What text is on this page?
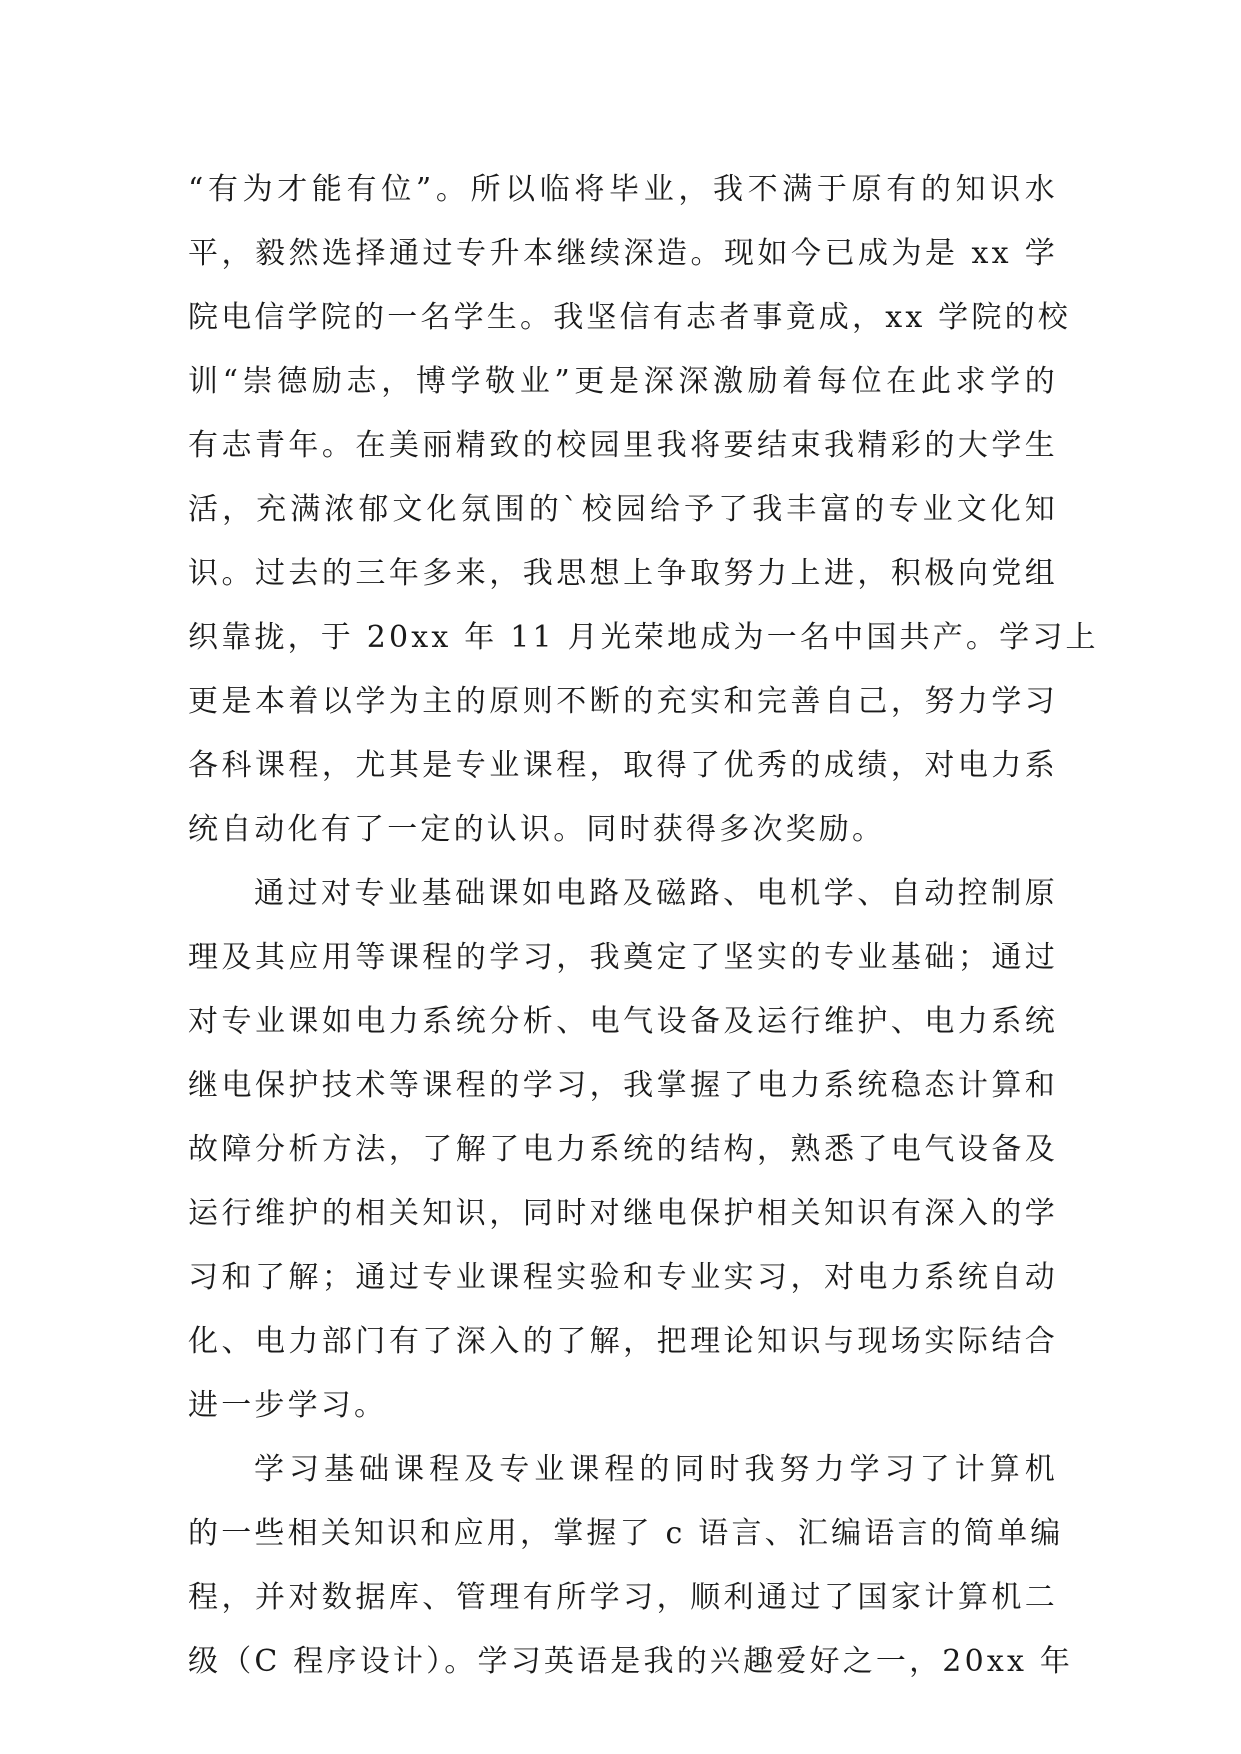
“有为才能有位”。所以临将毕业，我不满于原有的知识水
平，毅然选择通过专升本继续深造。现如今已成为是 xx 学
院电信学院的一名学生。我坚信有志者事竟成，xx 学院的校
训“崇德励志，博学敬业”更是深深激励着每位在此求学的
有志青年。在美丽精致的校园里我将要结束我精彩的大学生
活，充满浓郁文化氛围的`校园给予了我丰富的专业文化知
识。过去的三年多来，我思想上争取努力上进，积极向党组
织靠拢，于 20xx 年 11 月光荣地成为一名中国共产。学习上
更是本着以学为主的原则不断的充实和完善自己，努力学习
各科课程，尤其是专业课程，取得了优秀的成绩，对电力系
统自动化有了一定的认识。同时获得多次奖励。
通过对专业基础课如电路及磁路、电机学、自动控制原
理及其应用等课程的学习，我奠定了坚实的专业基础；通过
对专业课如电力系统分析、电气设备及运行维护、电力系统
继电保护技术等课程的学习，我掌握了电力系统稳态计算和
故障分析方法，了解了电力系统的结构，熟悉了电气设备及
运行维护的相关知识，同时对继电保护相关知识有深入的学
习和了解；通过专业课程实验和专业实习，对电力系统自动
化、电力部门有了深入的了解，把理论知识与现场实际结合
进一步学习。
学习基础课程及专业课程的同时我努力学习了计算机
的一些相关知识和应用，掌握了 c 语言、汇编语言的简单编
程，并对数据库、管理有所学习，顺利通过了国家计算机二
级（C 程序设计）。学习英语是我的兴趣爱好之一，20xx 年
